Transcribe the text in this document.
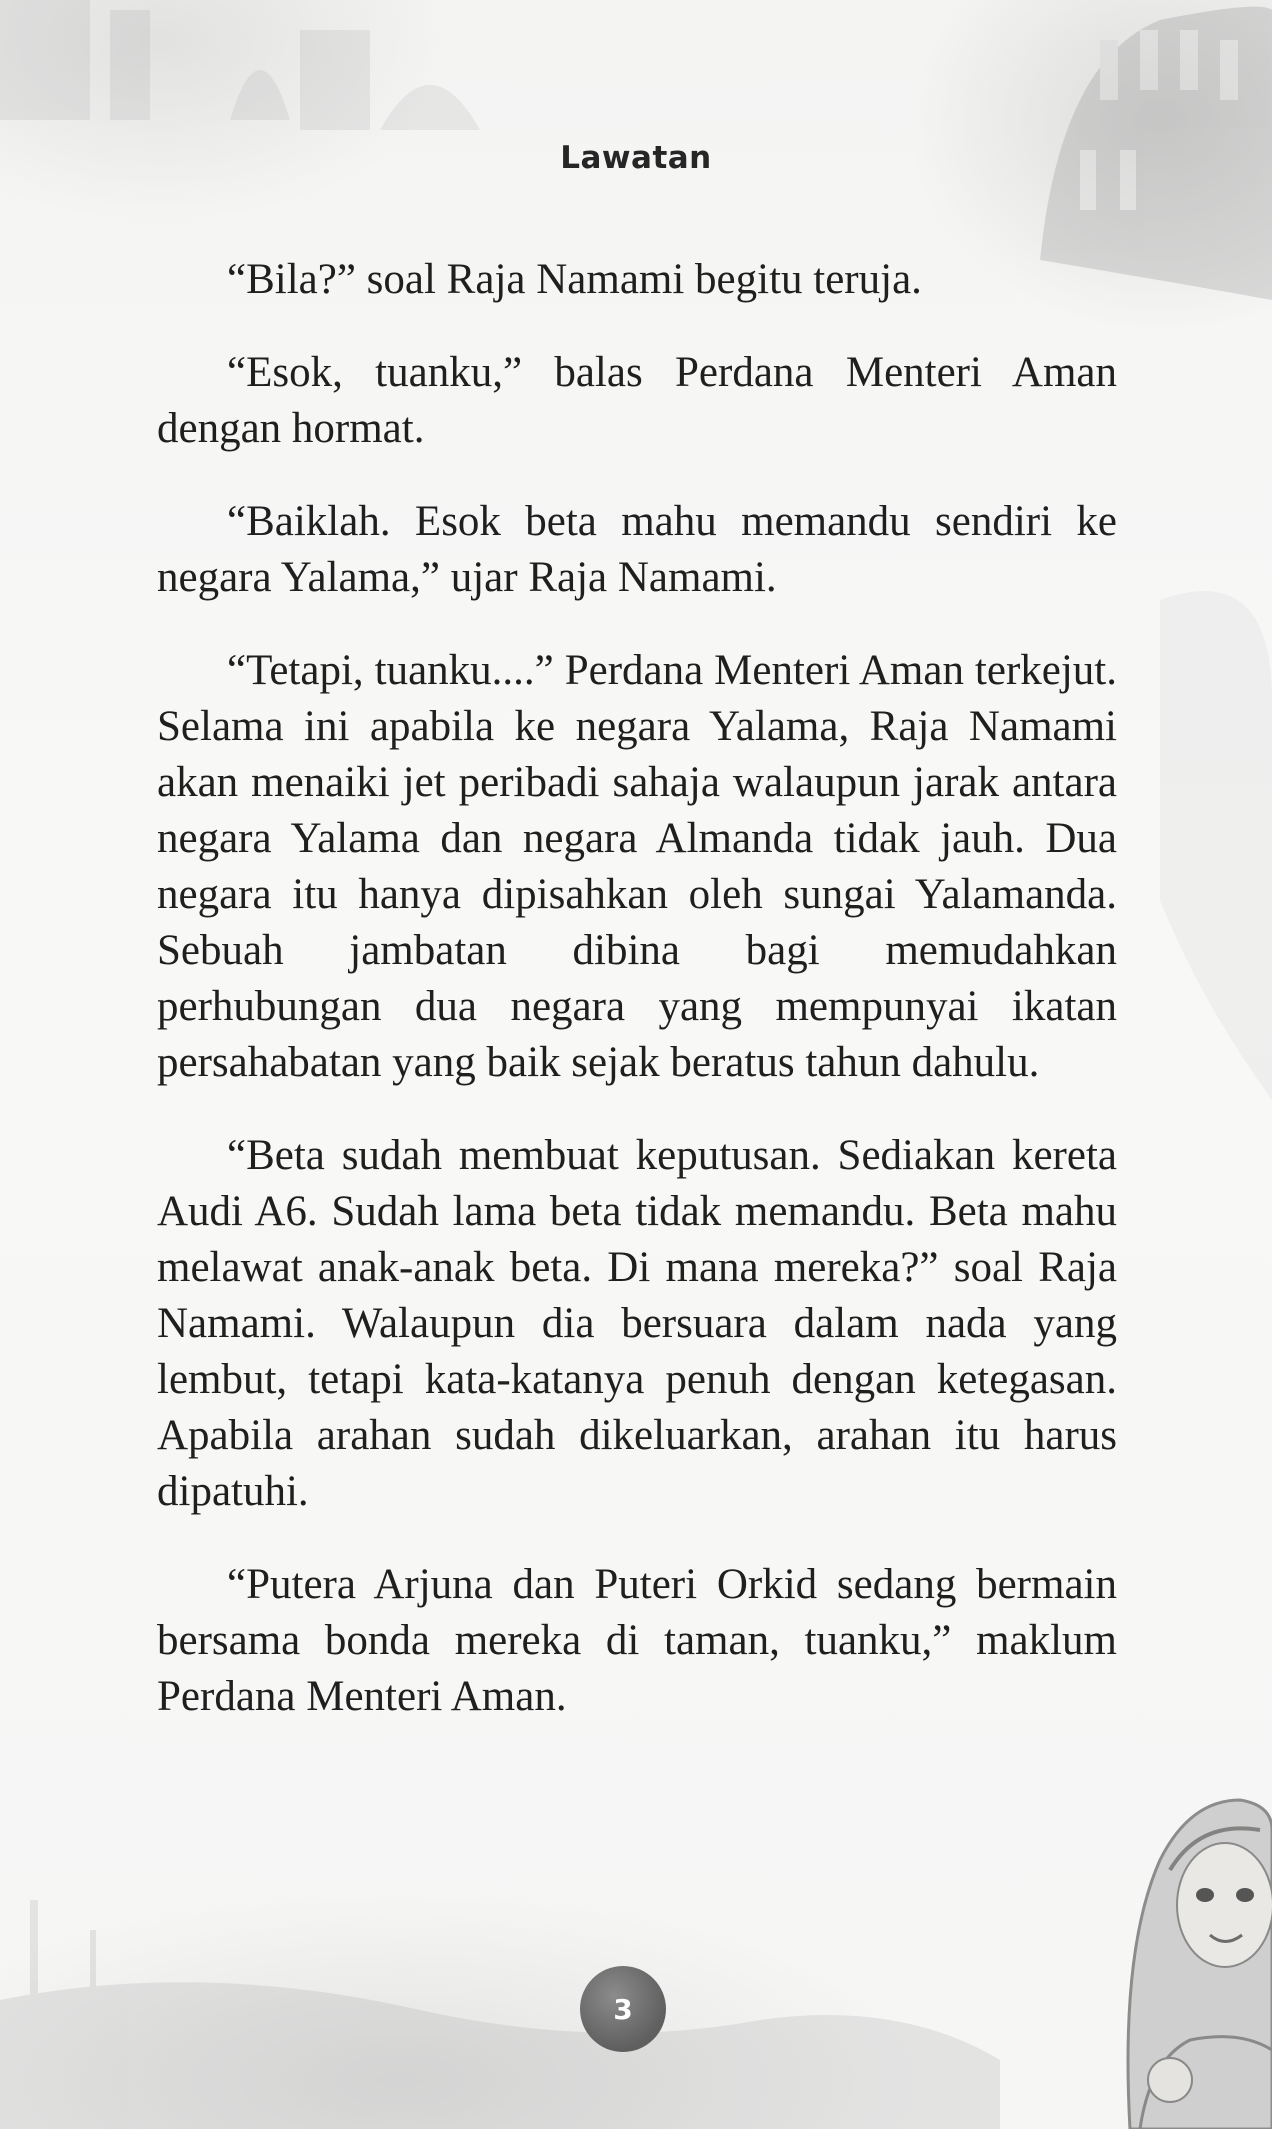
Lawatan

“Bila?” soal Raja Namami begitu teruja.

“Esok, tuanku,” balas Perdana Menteri Aman dengan hormat.

“Baiklah. Esok beta mahu memandu sendiri ke negara Yalama,” ujar Raja Namami.

“Tetapi, tuanku....” Perdana Menteri Aman terkejut. Selama ini apabila ke negara Yalama, Raja Namami akan menaiki jet peribadi sahaja walaupun jarak antara negara Yalama dan negara Almanda tidak jauh. Dua negara itu hanya dipisahkan oleh sungai Yalamanda. Sebuah jambatan dibina bagi memudahkan perhubungan dua negara yang mempunyai ikatan persahabatan yang baik sejak beratus tahun dahulu.

“Beta sudah membuat keputusan. Sediakan kereta Audi A6. Sudah lama beta tidak memandu. Beta mahu melawat anak-anak beta. Di mana mereka?” soal Raja Namami. Walaupun dia bersuara dalam nada yang lembut, tetapi kata-katanya penuh dengan ketegasan. Apabila arahan sudah dikeluarkan, arahan itu harus dipatuhi.

“Putera Arjuna dan Puteri Orkid sedang bermain bersama bonda mereka di taman, tuanku,” maklum Perdana Menteri Aman.

3
